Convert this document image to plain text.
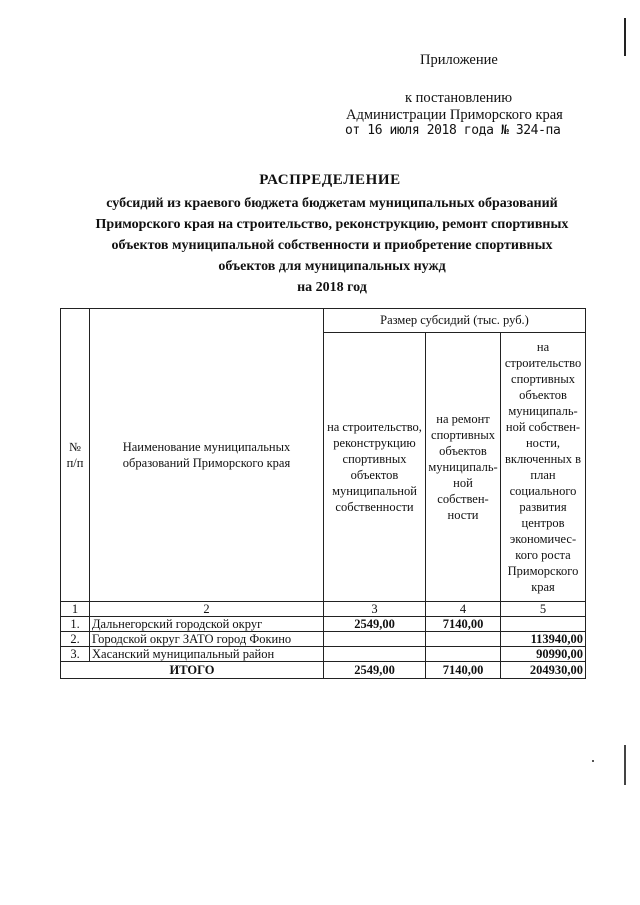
Приложение
к постановлению
Администрации Приморского края
от 16 июля 2018 года № 324-па
РАСПРЕДЕЛЕНИЕ
субсидий из краевого бюджета бюджетам муниципальных образований
Приморского края на строительство, реконструкцию, ремонт спортивных
объектов муниципальной собственности и приобретение спортивных
объектов для муниципальных нужд
на 2018 год
№ п/п	Наименование муниципальных образований Приморского края	Размер субсидий (тыс. руб.)		
		на строительство, реконструкцию спортивных объектов муниципальной собственности	на ремонт спортивных объектов муниципаль-ной собствен-ности	на строительство спортивных объектов муниципаль-ной собствен-ности, включенных в план социального развития центров экономичес-кого роста Приморского края
1	2	3	4	5
1.	Дальнегорский городской округ	2549,00	7140,00	
2.	Городской округ ЗАТО город Фокино			113940,00
3.	Хасанский муниципальный район			90990,00
ИТОГО		2549,00	7140,00	204930,00
